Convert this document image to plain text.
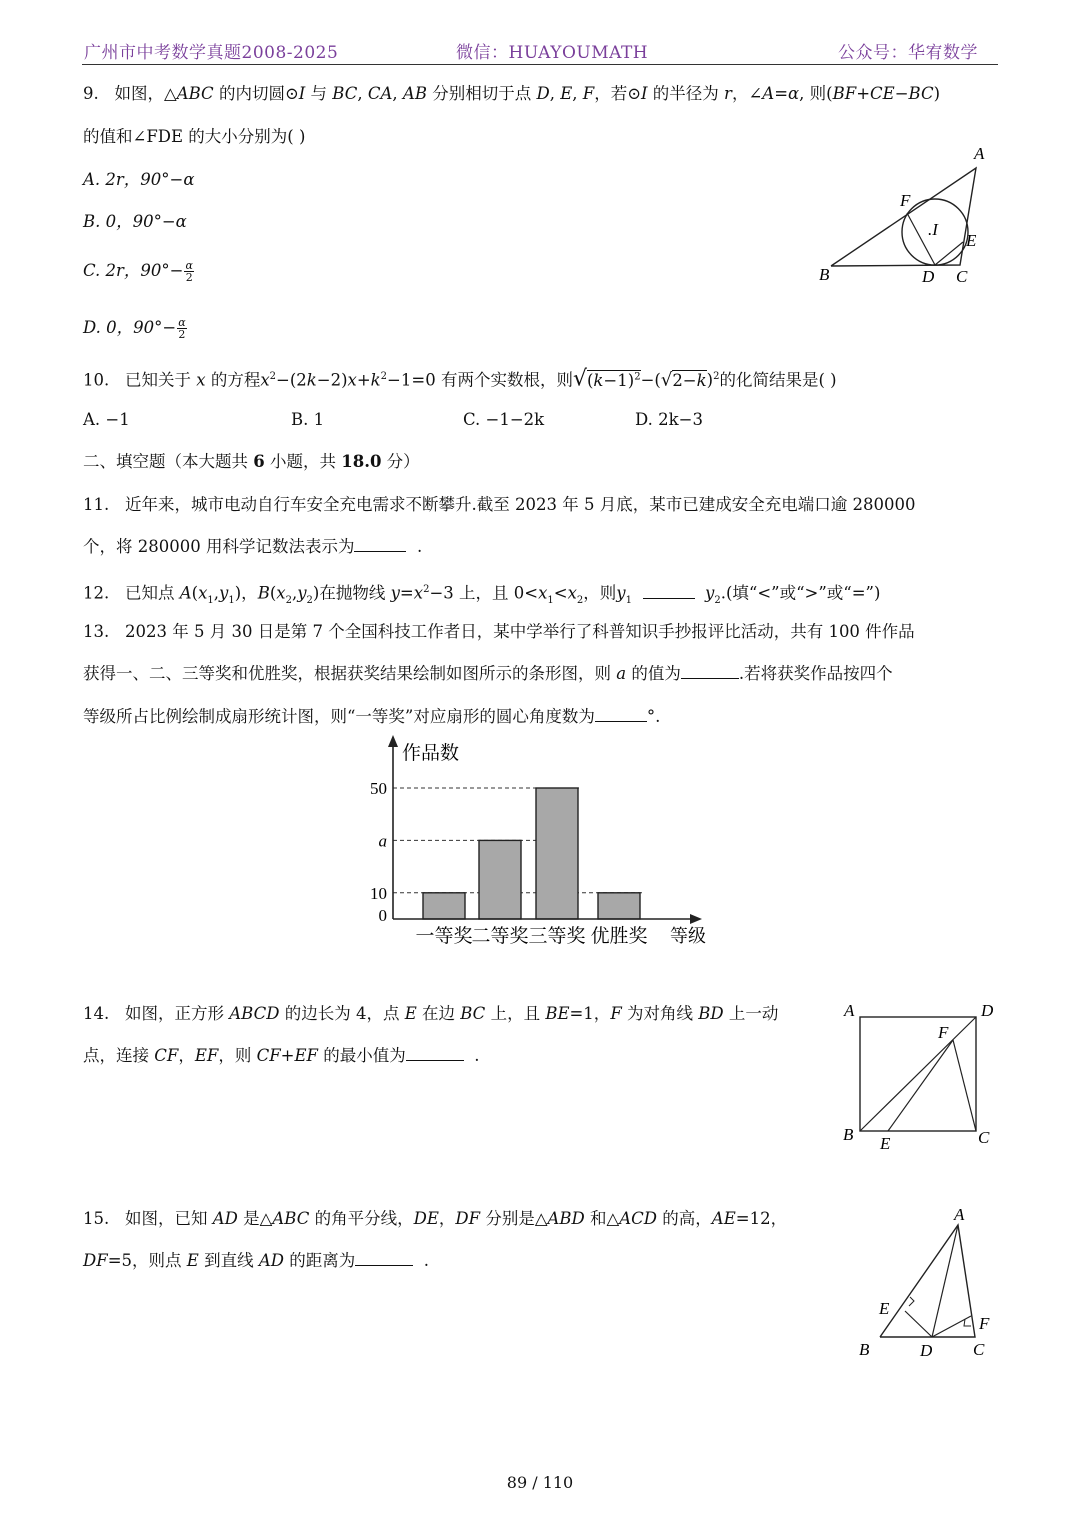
广州市中考数学真题2008-2025	微信：HUAYOUMATH	公众号：华宥数学
9. 如图，△ABC 的内切圆⊙I 与 BC, CA, AB 分别相切于点 D, E, F，若⊙I 的半径为 r，∠A=α, 则(BF+CE−BC)
的值和∠FDE 的大小分别为( )
A. 2r，90°−α
B. 0，90°−α
C. 2r，$90^\circ- \frac{\alpha}{2}$
D. 0，$90^\circ- \frac{\alpha}{2}$
A
B	C
D
E
F
.I
10. 已知关于 x 的方程$x^2-(2k-2)x+k^2-1=0$ 有两个实数根，则$√(k-1)^2-(√2-k)^2$的化简结果是( )
A. −1	B. 1	C. −1−2k	D. 2k−3
二、填空题（本大题共 6 小题，共 18.0 分）
11. 近年来，城市电动自行车安全充电需求不断攀升.截至 2023 年 5 月底，某市已建成安全充电端口逾 280000
个，将 280000 用科学记数法表示为	.
12. 已知点 $A(x_1,y_1)$，$B(x_2,y_2)$在抛物线 $y=x^2-3$ 上，且 $0<x_1<x_2$，则$y_1$	$y_2$.(填“<”或“>”或“=”)
13. 2023 年 5 月 30 日是第 7 个全国科技工作者日，某中学举行了科普知识手抄报评比活动，共有 100 件作品
获得一、二、三等奖和优胜奖，根据获奖结果绘制如图所示的条形图，则 a 的值为	.若将获奖作品按四个
等级所占比例绘制成扇形统计图，则“一等奖”对应扇形的圆心角度数为	°.
作品数
等级
0
10
a
50
一等奖
二等奖 三等奖 优胜奖
14. 如图，正方形 ABCD 的边长为 4，点 E 在边 BC 上，且 BE=1，F 为对角线 BD 上一动
点，连接 CF，EF，则 CF+EF 的最小值为	.
A	D
B	C
E
F
15. 如图，已知 AD 是△ABC 的角平分线，DE，DF 分别是△ABD 和△ACD 的高，AE=12，
DF=5，则点 E 到直线 AD 的距离为	.
A
E
F
B	D C
89 / 110
